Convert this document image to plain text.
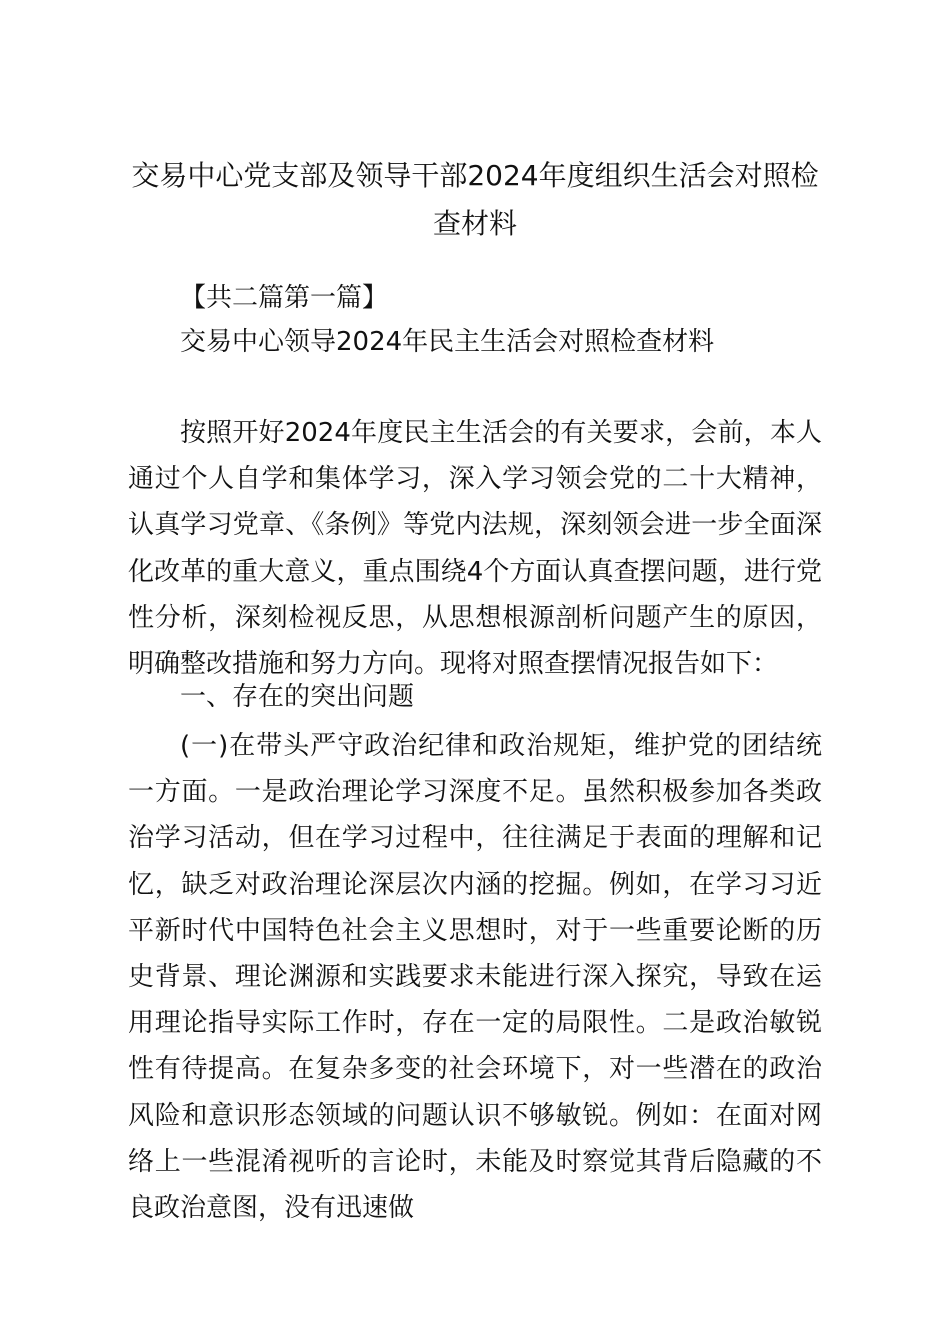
交易中心党支部及领导干部2024年度组织生活会对照检查材料

【共二篇第一篇】

交易中心领导2024年民主生活会对照检查材料

按照开好2024年度民主生活会的有关要求，会前，本人通过个人自学和集体学习，深入学习领会党的二十大精神，认真学习党章、《条例》等党内法规，深刻领会进一步全面深化改革的重大意义，重点围绕4个方面认真查摆问题，进行党性分析，深刻检视反思，从思想根源剖析问题产生的原因，明确整改措施和努力方向。现将对照查摆情况报告如下：

一、存在的突出问题

(一)在带头严守政治纪律和政治规矩，维护党的团结统一方面。一是政治理论学习深度不足。虽然积极参加各类政治学习活动，但在学习过程中，往往满足于表面的理解和记忆，缺乏对政治理论深层次内涵的挖掘。例如，在学习习近平新时代中国特色社会主义思想时，对于一些重要论断的历史背景、理论渊源和实践要求未能进行深入探究，导致在运用理论指导实际工作时，存在一定的局限性。二是政治敏锐性有待提高。在复杂多变的社会环境下，对一些潜在的政治风险和意识形态领域的问题认识不够敏锐。例如：在面对网络上一些混淆视听的言论时，未能及时察觉其背后隐藏的不良政治意图，没有迅速做
